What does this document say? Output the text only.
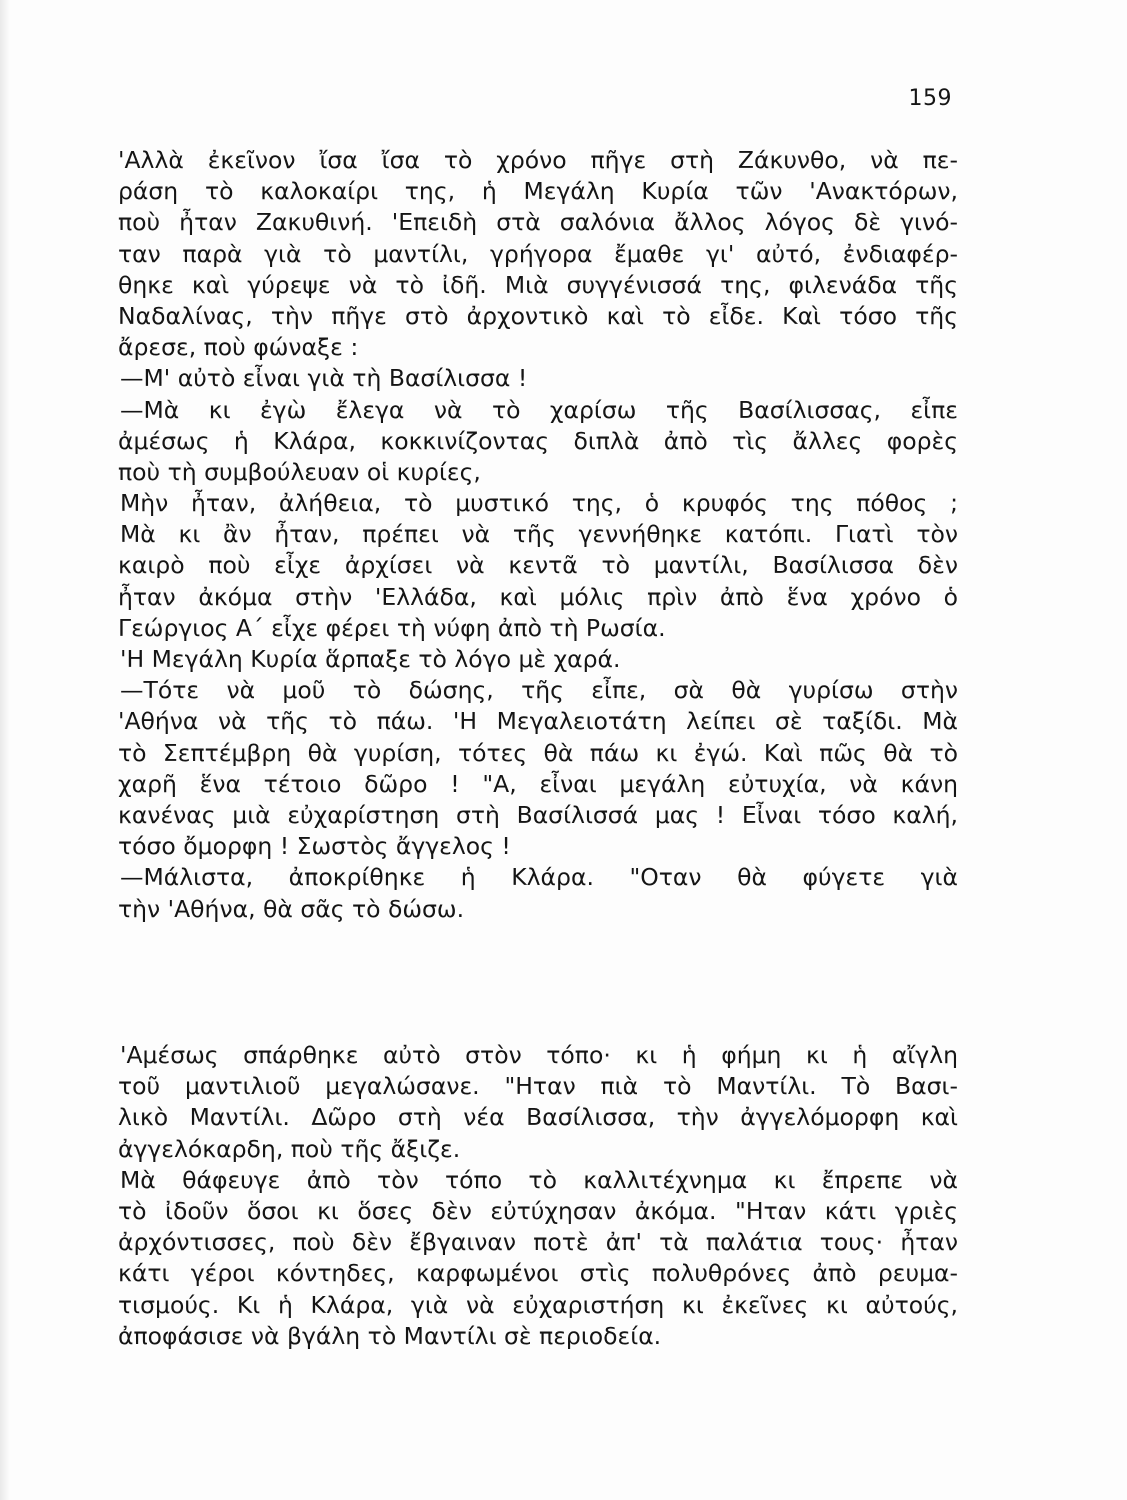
159
'Αλλὰ ἐκεῖνον ἴσα ἴσα τὸ χρόνο πῆγε στὴ Ζάκυνθο, νὰ πε-
ράση τὸ καλοκαίρι της, ἡ Μεγάλη Κυρία τῶν 'Ανακτόρων,
ποὺ ἦταν Ζακυθινή. 'Επειδὴ στὰ σαλόνια ἄλλος λόγος δὲ γινό-
ταν παρὰ γιὰ τὸ μαντίλι, γρήγορα ἔμαθε γι' αὐτό, ἐνδιαφέρ-
θηκε καὶ γύρεψε νὰ τὸ ἰδῆ. Μιὰ συγγένισσά της, φιλενάδα τῆς
Ναδαλίνας, τὴν πῆγε στὸ ἀρχοντικὸ καὶ τὸ εἶδε. Καὶ τόσο τῆς
ἄρεσε, ποὺ φώναξε :
—Μ' αὐτὸ εἶναι γιὰ τὴ Βασίλισσα !
—Μὰ κι ἐγὼ ἔλεγα νὰ τὸ χαρίσω τῆς Βασίλισσας, εἶπε
ἀμέσως ἡ Κλάρα, κοκκινίζοντας διπλὰ ἀπὸ τὶς ἄλλες φορὲς
ποὺ τὴ συμβούλευαν οἱ κυρίες,
Μὴν ἦταν, ἀλήθεια, τὸ μυστικό της, ὁ κρυφός της πόθος ;
Μὰ κι ἂν ἦταν, πρέπει νὰ τῆς γεννήθηκε κατόπι. Γιατὶ τὸν
καιρὸ ποὺ εἶχε ἀρχίσει νὰ κεντᾶ τὸ μαντίλι, Βασίλισσα δὲν
ἦταν ἀκόμα στὴν 'Ελλάδα, καὶ μόλις πρὶν ἀπὸ ἕνα χρόνο ὁ
Γεώργιος Α΄ εἶχε φέρει τὴ νύφη ἀπὸ τὴ Ρωσία.
'Η Μεγάλη Κυρία ἅρπαξε τὸ λόγο μὲ χαρά.
—Τότε νὰ μοῦ τὸ δώσης, τῆς εἶπε, σὰ θὰ γυρίσω στὴν
'Αθήνα νὰ τῆς τὸ πάω. 'Η Μεγαλειοτάτη λείπει σὲ ταξίδι. Μὰ
τὸ Σεπτέμβρη θὰ γυρίση, τότες θὰ πάω κι ἐγώ. Καὶ πῶς θὰ τὸ
χαρῆ ἕνα τέτοιο δῶρο ! "Α, εἶναι μεγάλη εὐτυχία, νὰ κάνη
κανένας μιὰ εὐχαρίστηση στὴ Βασίλισσά μας ! Εἶναι τόσο καλή,
τόσο ὄμορφη ! Σωστὸς ἄγγελος !
—Μάλιστα, ἀποκρίθηκε ἡ Κλάρα. "Οταν θὰ φύγετε γιὰ
τὴν 'Αθήνα, θὰ σᾶς τὸ δώσω.
'Αμέσως σπάρθηκε αὐτὸ στὸν τόπο· κι ἡ φήμη κι ἡ αἴγλη
τοῦ μαντιλιοῦ μεγαλώσανε. "Ηταν πιὰ τὸ Μαντίλι. Τὸ Βασι-
λικὸ Μαντίλι. Δῶρο στὴ νέα Βασίλισσα, τὴν ἀγγελόμορφη καὶ
ἀγγελόκαρδη, ποὺ τῆς ἄξιζε.
Μὰ θάφευγε ἀπὸ τὸν τόπο τὸ καλλιτέχνημα κι ἔπρεπε νὰ
τὸ ἰδοῦν ὅσοι κι ὅσες δὲν εὐτύχησαν ἀκόμα. "Ηταν κάτι γριὲς
ἀρχόντισσες, ποὺ δὲν ἔβγαιναν ποτὲ ἀπ' τὰ παλάτια τους· ἦταν
κάτι γέροι κόντηδες, καρφωμένοι στὶς πολυθρόνες ἀπὸ ρευμα-
τισμούς. Κι ἡ Κλάρα, γιὰ νὰ εὐχαριστήση κι ἐκεῖνες κι αὐτούς,
ἀποφάσισε νὰ βγάλη τὸ Μαντίλι σὲ περιοδεία.
